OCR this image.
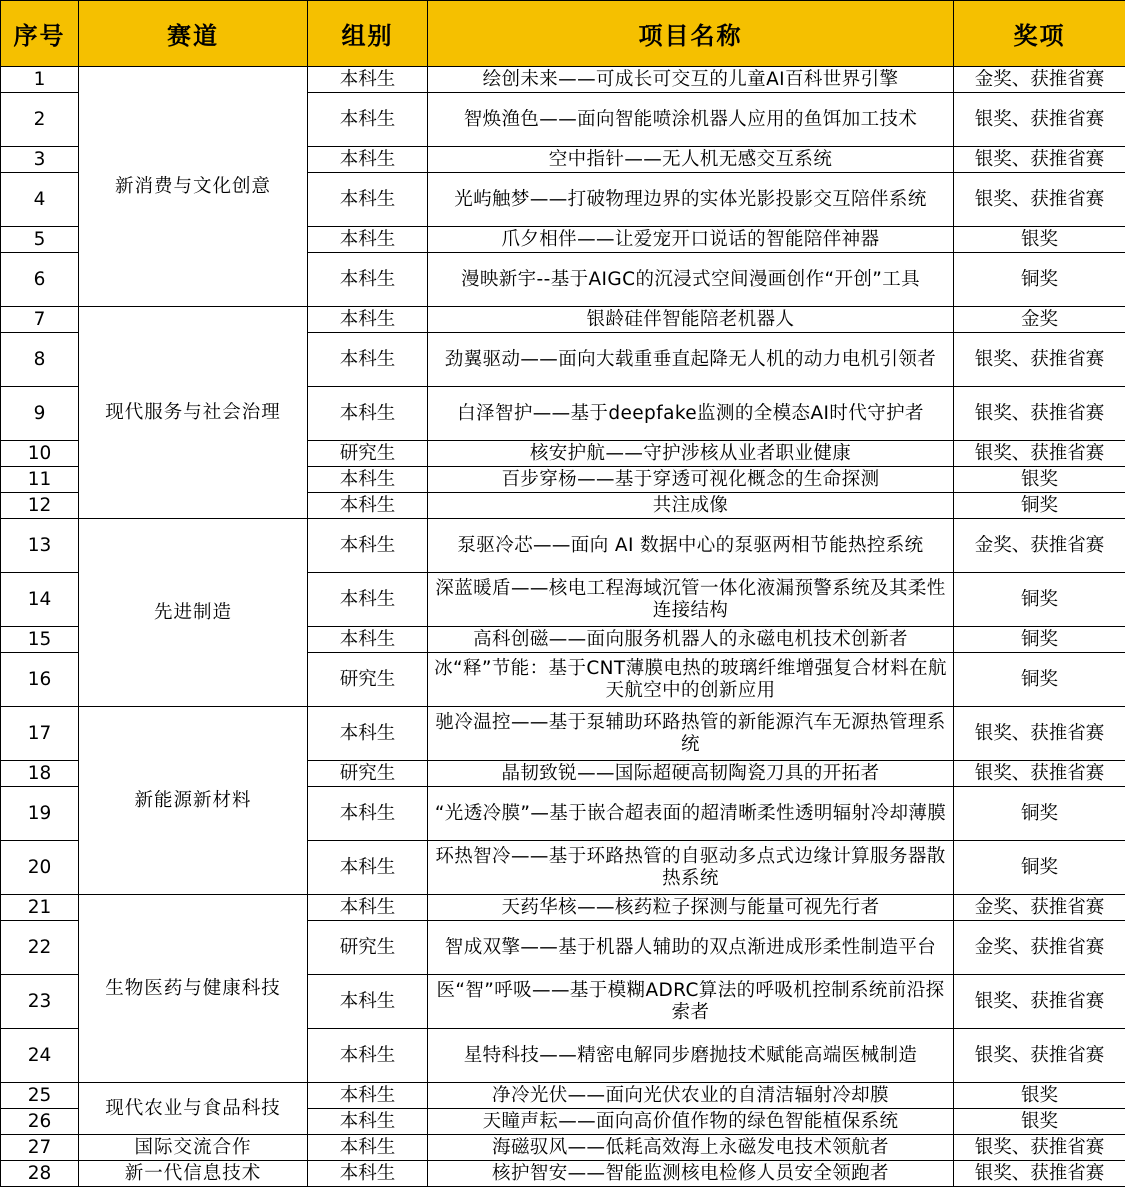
序号	赛道	组别	项目名称	奖项
1	新消费与文化创意	本科生	绘创未来——可成长可交互的儿童AI百科世界引擎	金奖、获推省赛
2		本科生	智焕渔色——面向智能喷涂机器人应用的鱼饵加工技术	银奖、获推省赛
3		本科生	空中指针——无人机无感交互系统	银奖、获推省赛
4		本科生	光屿触梦——打破物理边界的实体光影投影交互陪伴系统	银奖、获推省赛
5		本科生	爪夕相伴——让爱宠开口说话的智能陪伴神器	银奖
6		本科生	漫映新宇--基于AIGC的沉浸式空间漫画创作“开创”工具	铜奖
7	现代服务与社会治理	本科生	银龄硅伴智能陪老机器人	金奖
8		本科生	劲翼驱动——面向大载重垂直起降无人机的动力电机引领者	银奖、获推省赛
9		本科生	白泽智护——基于deepfake监测的全模态AI时代守护者	银奖、获推省赛
10		研究生	核安护航——守护涉核从业者职业健康	银奖、获推省赛
11		本科生	百步穿杨——基于穿透可视化概念的生命探测	银奖
12		本科生	共注成像	铜奖
13	先进制造	本科生	泵驱冷芯——面向 AI 数据中心的泵驱两相节能热控系统	金奖、获推省赛
14		本科生	深蓝暖盾——核电工程海域沉管一体化液漏预警系统及其柔性连接结构	铜奖
15		本科生	高科创磁——面向服务机器人的永磁电机技术创新者	铜奖
16		研究生	冰“释”节能：基于CNT薄膜电热的玻璃纤维增强复合材料在航天航空中的创新应用	铜奖
17	新能源新材料	本科生	驰冷温控——基于泵辅助环路热管的新能源汽车无源热管理系统	银奖、获推省赛
18		研究生	晶韧致锐——国际超硬高韧陶瓷刀具的开拓者	银奖、获推省赛
19		本科生	“光透冷膜”—基于嵌合超表面的超清晰柔性透明辐射冷却薄膜	铜奖
20		本科生	环热智冷——基于环路热管的自驱动多点式边缘计算服务器散热系统	铜奖
21	生物医药与健康科技	本科生	天药华核——核药粒子探测与能量可视先行者	金奖、获推省赛
22		研究生	智成双擎——基于机器人辅助的双点渐进成形柔性制造平台	金奖、获推省赛
23		本科生	医“智”呼吸——基于模糊ADRC算法的呼吸机控制系统前沿探索者	银奖、获推省赛
24		本科生	星特科技——精密电解同步磨抛技术赋能高端医械制造	银奖、获推省赛
25	现代农业与食品科技	本科生	净冷光伏——面向光伏农业的自清洁辐射冷却膜	银奖
26		本科生	天瞳声耘——面向高价值作物的绿色智能植保系统	银奖
27	国际交流合作	本科生	海磁驭风——低耗高效海上永磁发电技术领航者	银奖、获推省赛
28	新一代信息技术	本科生	核护智安——智能监测核电检修人员安全领跑者	银奖、获推省赛
